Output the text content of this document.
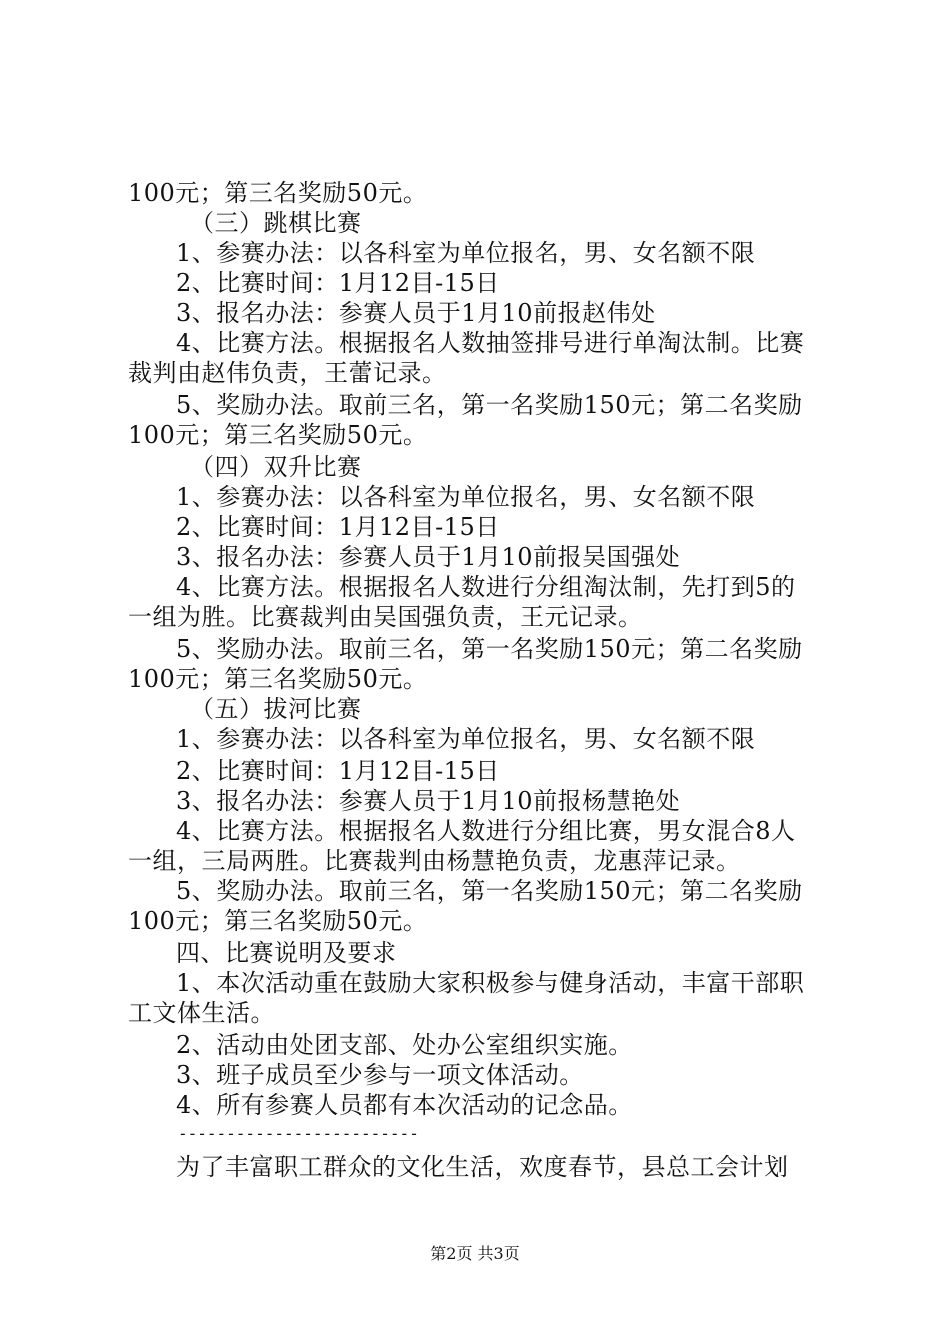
100元；第三名奖励50元。
（三）跳棋比赛
1、参赛办法：以各科室为单位报名，男、女名额不限
2、比赛时间：1月12目-15日
3、报名办法：参赛人员于1月10前报赵伟处
4、比赛方法。根据报名人数抽签排号进行单淘汰制。比赛
裁判由赵伟负责，王蕾记录。
5、奖励办法。取前三名，第一名奖励150元；第二名奖励
100元；第三名奖励50元。
（四）双升比赛
1、参赛办法：以各科室为单位报名，男、女名额不限
2、比赛时间：1月12目-15日
3、报名办法：参赛人员于1月10前报吴国强处
4、比赛方法。根据报名人数进行分组淘汰制，先打到5的
一组为胜。比赛裁判由吴国强负责，王元记录。
5、奖励办法。取前三名，第一名奖励150元；第二名奖励
100元；第三名奖励50元。
（五）拔河比赛
1、参赛办法：以各科室为单位报名，男、女名额不限
2、比赛时间：1月12目-15日
3、报名办法：参赛人员于1月10前报杨慧艳处
4、比赛方法。根据报名人数进行分组比赛，男女混合8人
一组，三局两胜。比赛裁判由杨慧艳负责，龙惠萍记录。
5、奖励办法。取前三名，第一名奖励150元；第二名奖励
100元；第三名奖励50元。
四、比赛说明及要求
1、本次活动重在鼓励大家积极参与健身活动，丰富干部职
工文体生活。
2、活动由处团支部、处办公室组织实施。
3、班子成员至少参与一项文体活动。
4、所有参赛人员都有本次活动的记念品。
-------------------------
为了丰富职工群众的文化生活，欢度春节，县总工会计划
第2页 共3页
